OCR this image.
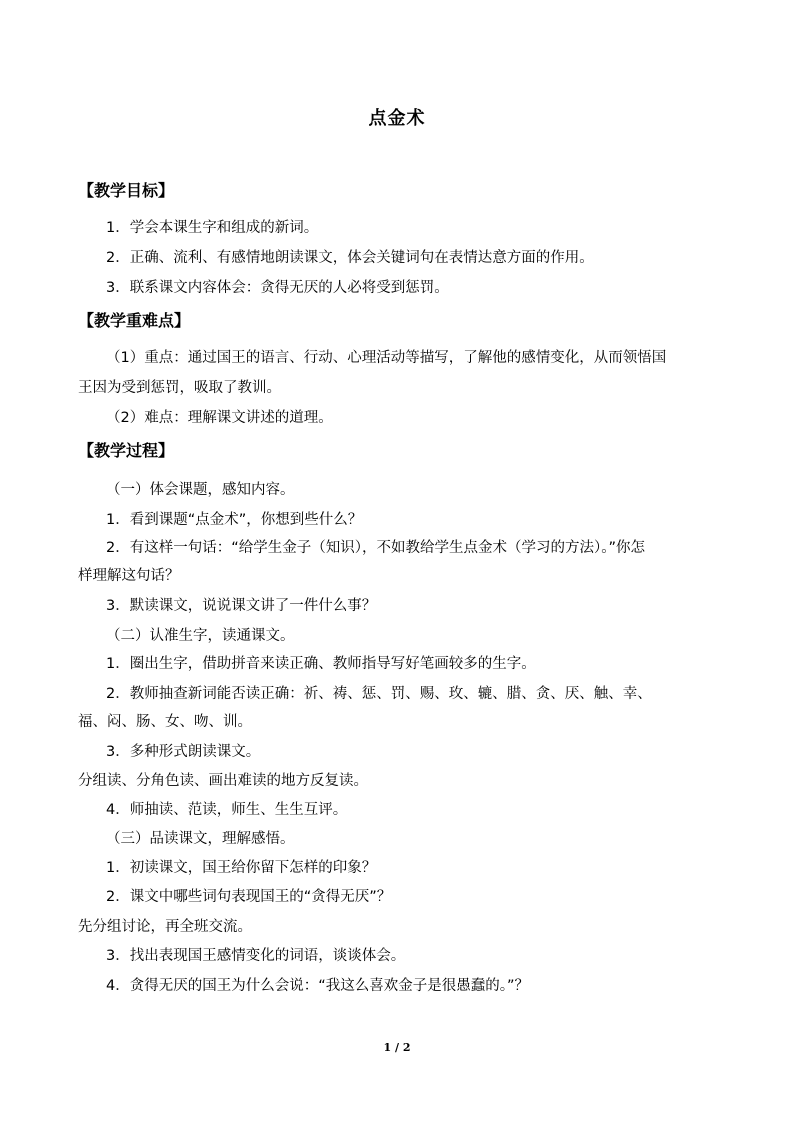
点金术
【教学目标】
1．学会本课生字和组成的新词。
2．正确、流利、有感情地朗读课文，体会关键词句在表情达意方面的作用。
3．联系课文内容体会：贪得无厌的人必将受到惩罚。
【教学重难点】
（1）重点：通过国王的语言、行动、心理活动等描写，了解他的感情变化，从而领悟国
王因为受到惩罚，吸取了教训。
（2）难点：理解课文讲述的道理。
【教学过程】
（一）体会课题，感知内容。
1．看到课题“点金术”，你想到些什么？
2．有这样一句话：“给学生金子（知识），不如教给学生点金术（学习的方法）。”你怎
样理解这句话？
3．默读课文，说说课文讲了一件什么事？
（二）认准生字，读通课文。
1．圈出生字，借助拼音来读正确、教师指导写好笔画较多的生字。
2．教师抽查新词能否读正确：祈、祷、惩、罚、赐、玫、辘、腊、贪、厌、触、幸、
福、闷、肠、女、吻、训。
3．多种形式朗读课文。
分组读、分角色读、画出难读的地方反复读。
4．师抽读、范读，师生、生生互评。
（三）品读课文，理解感悟。
1．初读课文，国王给你留下怎样的印象？
2．课文中哪些词句表现国王的“贪得无厌”？
先分组讨论，再全班交流。
3．找出表现国王感情变化的词语，谈谈体会。
4．贪得无厌的国王为什么会说：“我这么喜欢金子是很愚蠢的。”？
1 / 2
